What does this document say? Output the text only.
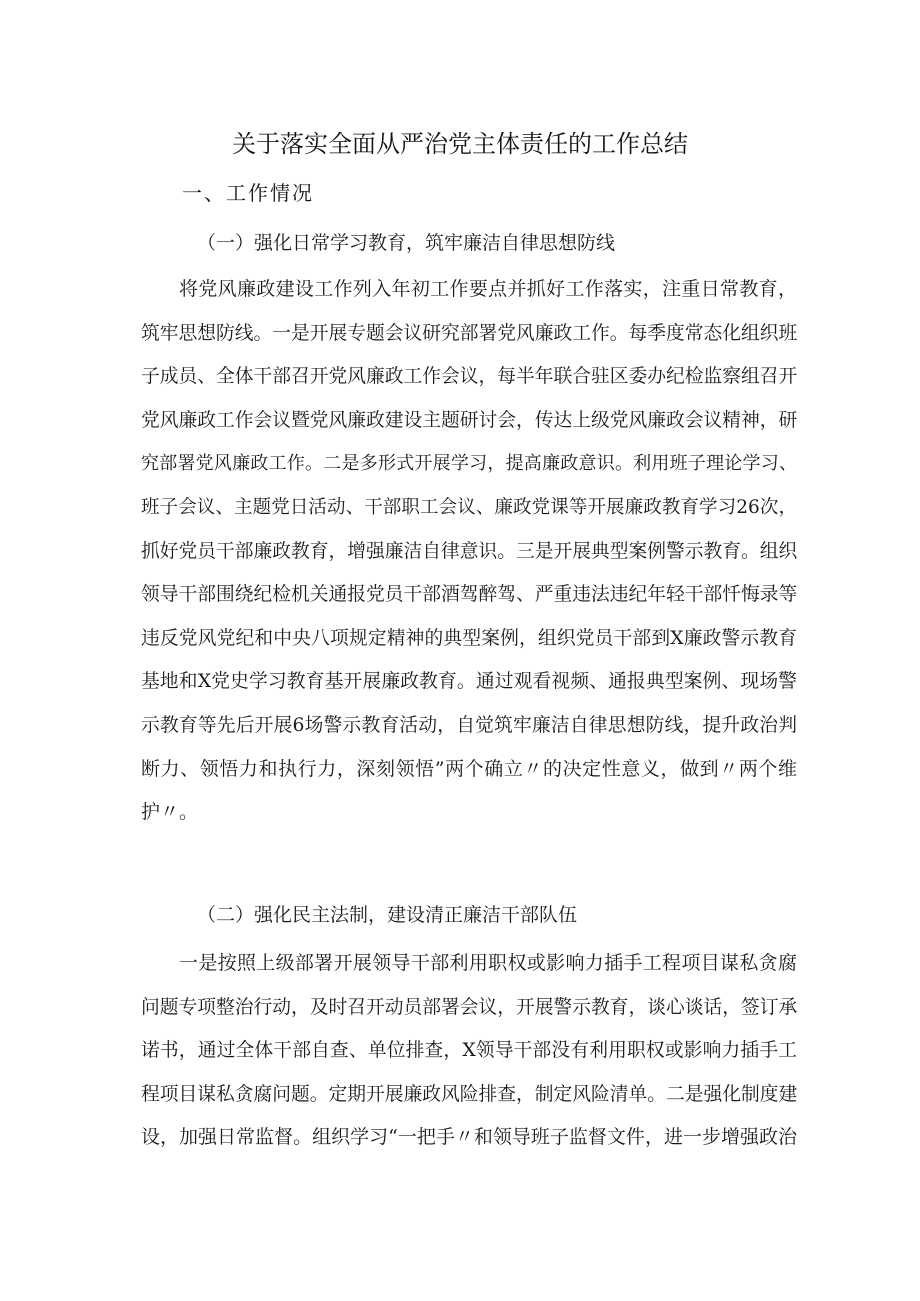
关于落实全面从严治党主体责任的工作总结
一、工作情况
（一）强化日常学习教育，筑牢廉洁自律思想防线
将党风廉政建设工作列入年初工作要点并抓好工作落实，注重日常教育，
筑牢思想防线。一是开展专题会议研究部署党风廉政工作。每季度常态化组织班
子成员、全体干部召开党风廉政工作会议，每半年联合驻区委办纪检监察组召开
党风廉政工作会议暨党风廉政建设主题研讨会，传达上级党风廉政会议精神，研
究部署党风廉政工作。二是多形式开展学习，提高廉政意识。利用班子理论学习、
班子会议、主题党日活动、干部职工会议、廉政党课等开展廉政教育学习26次，
抓好党员干部廉政教育，增强廉洁自律意识。三是开展典型案例警示教育。组织
领导干部围绕纪检机关通报党员干部酒驾醉驾、严重违法违纪年轻干部忏悔录等
违反党风党纪和中央八项规定精神的典型案例，组织党员干部到X廉政警示教育
基地和X党史学习教育基开展廉政教育。通过观看视频、通报典型案例、现场警
示教育等先后开展6场警示教育活动，自觉筑牢廉洁自律思想防线，提升政治判
断力、领悟力和执行力，深刻领悟”两个确立〃的决定性意义，做到〃两个维
护〃。
（二）强化民主法制，建设清正廉洁干部队伍
一是按照上级部署开展领导干部利用职权或影响力插手工程项目谋私贪腐
问题专项整治行动，及时召开动员部署会议，开展警示教育，谈心谈话，签订承
诺书，通过全体干部自查、单位排查，X领导干部没有利用职权或影响力插手工
程项目谋私贪腐问题。定期开展廉政风险排查，制定风险清单。二是强化制度建
设，加强日常监督。组织学习“一把手〃和领导班子监督文件，进一步增强政治
